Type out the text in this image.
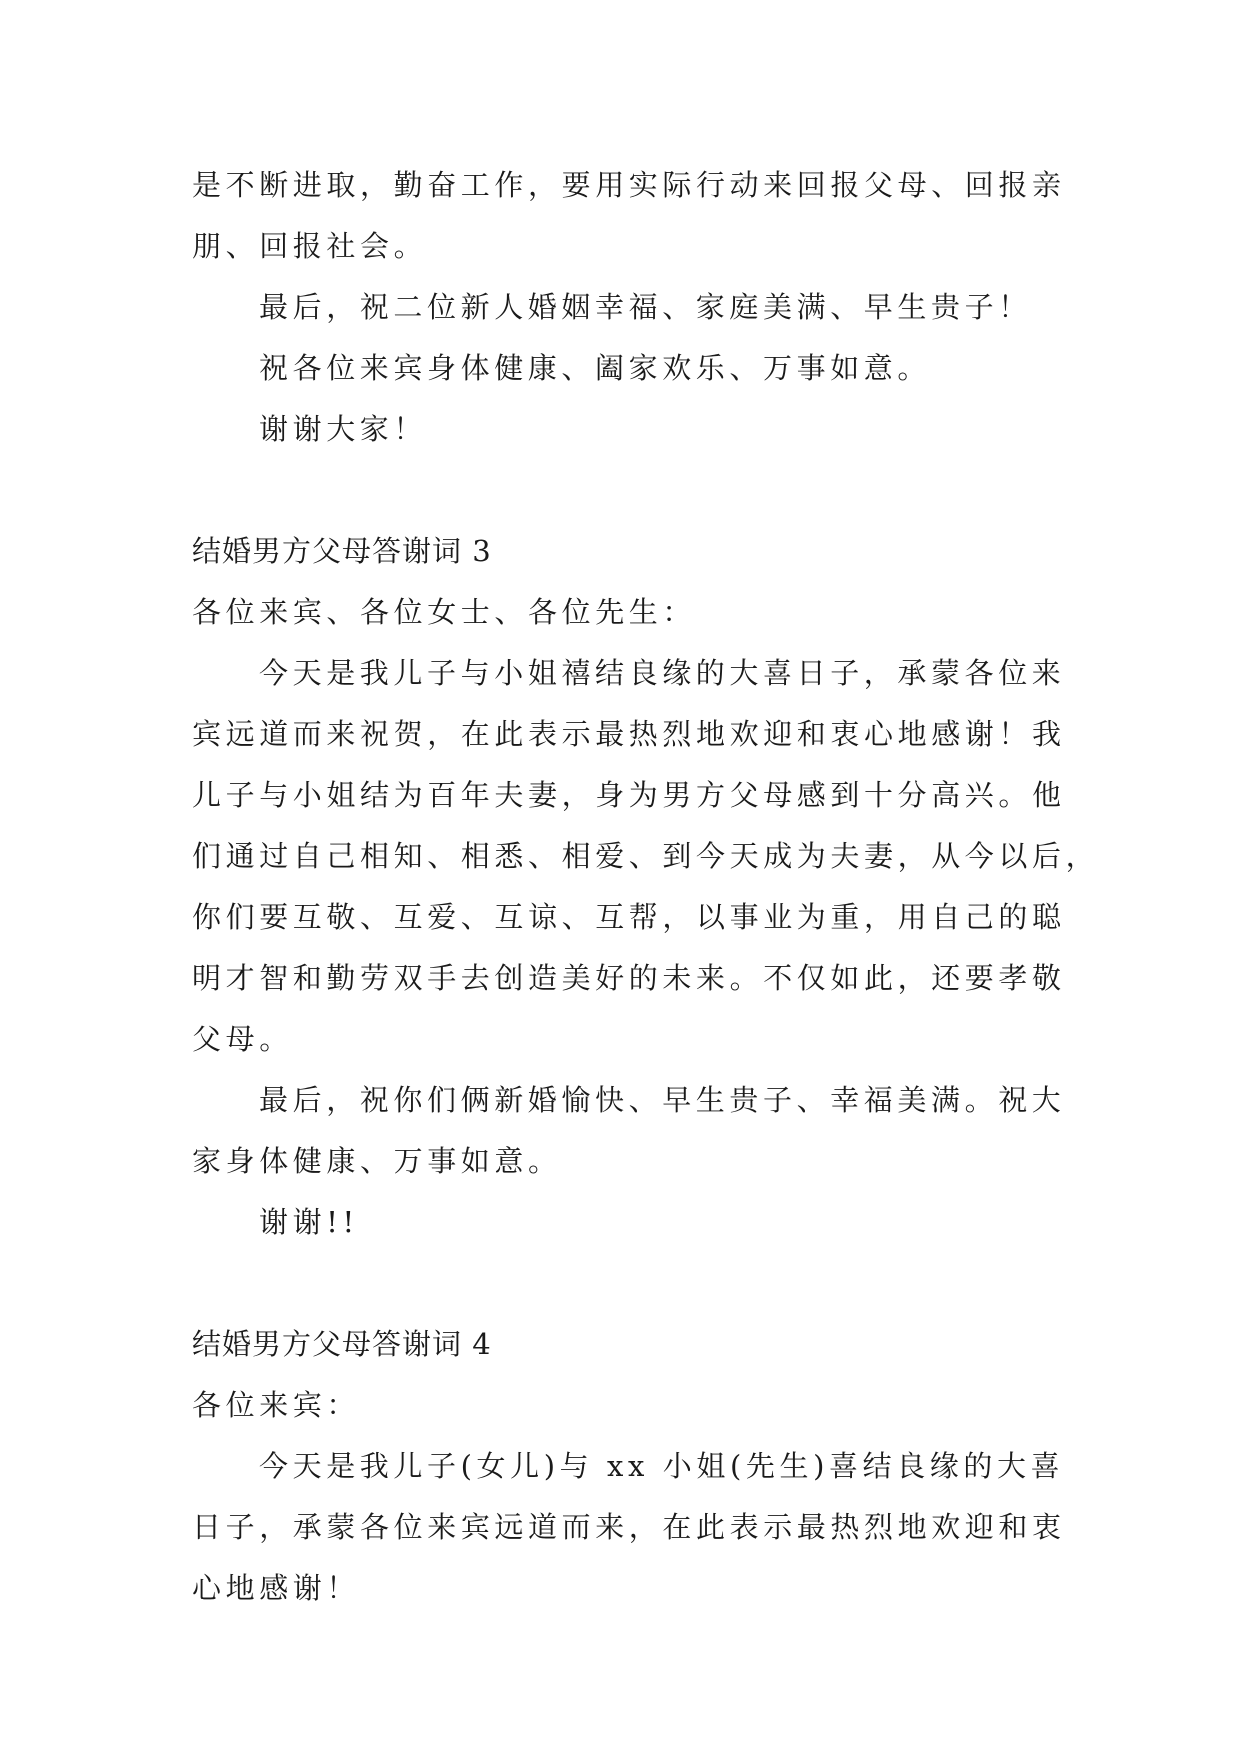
是不断进取，勤奋工作，要用实际行动来回报父母、回报亲
朋、回报社会。
最后，祝二位新人婚姻幸福、家庭美满、早生贵子！
祝各位来宾身体健康、阖家欢乐、万事如意。
谢谢大家！
结婚男方父母答谢词 3
各位来宾、各位女士、各位先生：
今天是我儿子与小姐禧结良缘的大喜日子，承蒙各位来
宾远道而来祝贺，在此表示最热烈地欢迎和衷心地感谢！我
儿子与小姐结为百年夫妻，身为男方父母感到十分高兴。他
们通过自己相知、相悉、相爱、到今天成为夫妻，从今以后，
你们要互敬、互爱、互谅、互帮，以事业为重，用自己的聪
明才智和勤劳双手去创造美好的未来。不仅如此，还要孝敬
父母。
最后，祝你们俩新婚愉快、早生贵子、幸福美满。祝大
家身体健康、万事如意。
谢谢!!
结婚男方父母答谢词 4
各位来宾：
今天是我儿子(女儿)与 xx 小姐(先生)喜结良缘的大喜
日子，承蒙各位来宾远道而来，在此表示最热烈地欢迎和衷
心地感谢！
